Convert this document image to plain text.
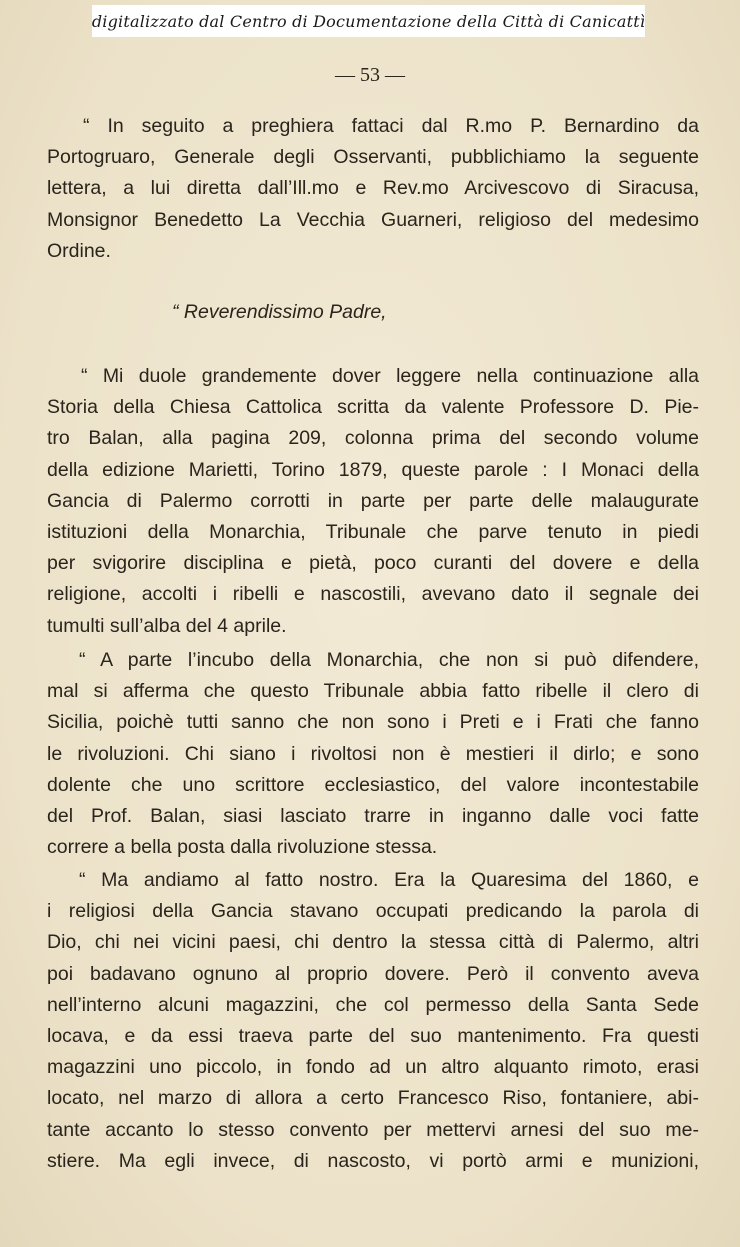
digitalizzato dal Centro di Documentazione della Città di Canicattì
— 53 —
“ In seguito a preghiera fattaci dal R.mo P. Bernardino da
Portogruaro, Generale degli Osservanti, pubblichiamo la seguente
lettera, a lui diretta dall’Ill.mo e Rev.mo Arcivescovo di Siracusa,
Monsignor Benedetto La Vecchia Guarneri, religioso del medesimo
Ordine.
“ Reverendissimo Padre,
“ Mi duole grandemente dover leggere nella continuazione alla
Storia della Chiesa Cattolica scritta da valente Professore D. Pie-
tro Balan, alla pagina 209, colonna prima del secondo volume
della edizione Marietti, Torino 1879, queste parole : I Monaci della
Gancia di Palermo corrotti in parte per parte delle malaugurate
istituzioni della Monarchia, Tribunale che parve tenuto in piedi
per svigorire disciplina e pietà, poco curanti del dovere e della
religione, accolti i ribelli e nascostili, avevano dato il segnale dei
tumulti sull’alba del 4 aprile.
“ A parte l’incubo della Monarchia, che non si può difendere,
mal si afferma che questo Tribunale abbia fatto ribelle il clero di
Sicilia, poichè tutti sanno che non sono i Preti e i Frati che fanno
le rivoluzioni. Chi siano i rivoltosi non è mestieri il dirlo; e sono
dolente che uno scrittore ecclesiastico, del valore incontestabile
del Prof. Balan, siasi lasciato trarre in inganno dalle voci fatte
correre a bella posta dalla rivoluzione stessa.
“ Ma andiamo al fatto nostro. Era la Quaresima del 1860, e
i religiosi della Gancia stavano occupati predicando la parola di
Dio, chi nei vicini paesi, chi dentro la stessa città di Palermo, altri
poi badavano ognuno al proprio dovere. Però il convento aveva
nell’interno alcuni magazzini, che col permesso della Santa Sede
locava, e da essi traeva parte del suo mantenimento. Fra questi
magazzini uno piccolo, in fondo ad un altro alquanto rimoto, erasi
locato, nel marzo di allora a certo Francesco Riso, fontaniere, abi-
tante accanto lo stesso convento per mettervi arnesi del suo me-
stiere. Ma egli invece, di nascosto, vi portò armi e munizioni,
